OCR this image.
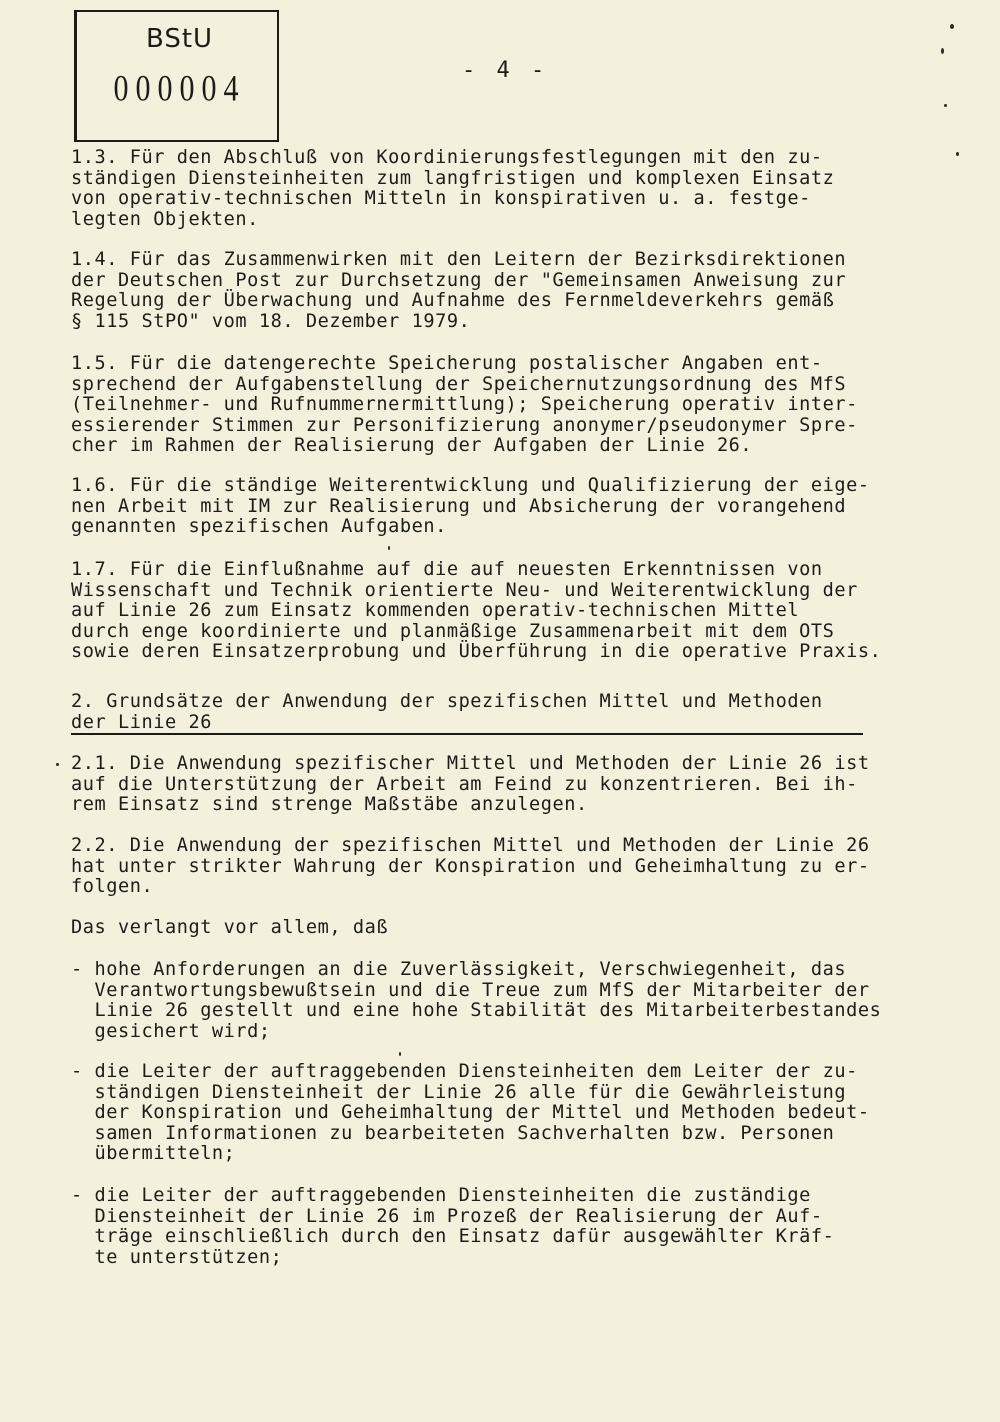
BStU
000004	- 4 -
1.3. Für den Abschluß von Koordinierungsfestlegungen mit den zu-
ständigen Diensteinheiten zum langfristigen und komplexen Einsatz
von operativ-technischen Mitteln in konspirativen u. a. festge-
legten Objekten.
1.4. Für das Zusammenwirken mit den Leitern der Bezirksdirektionen
der Deutschen Post zur Durchsetzung der "Gemeinsamen Anweisung zur
Regelung der Überwachung und Aufnahme des Fernmeldeverkehrs gemäß
§ 115 StPO" vom 18. Dezember 1979.
1.5. Für die datengerechte Speicherung postalischer Angaben ent-
sprechend der Aufgabenstellung der Speichernutzungsordnung des MfS
(Teilnehmer- und Rufnummernermittlung); Speicherung operativ inter-
essierender Stimmen zur Personifizierung anonymer/pseudonymer Spre-
cher im Rahmen der Realisierung der Aufgaben der Linie 26.
1.6. Für die ständige Weiterentwicklung und Qualifizierung der eige-
nen Arbeit mit IM zur Realisierung und Absicherung der vorangehend
genannten spezifischen Aufgaben.
1.7. Für die Einflußnahme auf die auf neuesten Erkenntnissen von
Wissenschaft und Technik orientierte Neu- und Weiterentwicklung der
auf Linie 26 zum Einsatz kommenden operativ-technischen Mittel
durch enge koordinierte und planmäßige Zusammenarbeit mit dem OTS
sowie deren Einsatzerprobung und Überführung in die operative Praxis.
2. Grundsätze der Anwendung der spezifischen Mittel und Methoden
der Linie 26
2.1. Die Anwendung spezifischer Mittel und Methoden der Linie 26 ist
auf die Unterstützung der Arbeit am Feind zu konzentrieren. Bei ih-
rem Einsatz sind strenge Maßstäbe anzulegen.
2.2. Die Anwendung der spezifischen Mittel und Methoden der Linie 26
hat unter strikter Wahrung der Konspiration und Geheimhaltung zu er-
folgen.
Das verlangt vor allem, daß
- hohe Anforderungen an die Zuverlässigkeit, Verschwiegenheit, das
Verantwortungsbewußtsein und die Treue zum MfS der Mitarbeiter der
Linie 26 gestellt und eine hohe Stabilität des Mitarbeiterbestandes
gesichert wird;
- die Leiter der auftraggebenden Diensteinheiten dem Leiter der zu-
ständigen Diensteinheit der Linie 26 alle für die Gewährleistung
der Konspiration und Geheimhaltung der Mittel und Methoden bedeut-
samen Informationen zu bearbeiteten Sachverhalten bzw. Personen
übermitteln;
- die Leiter der auftraggebenden Diensteinheiten die zuständige
Diensteinheit der Linie 26 im Prozeß der Realisierung der Auf-
träge einschließlich durch den Einsatz dafür ausgewählter Kräf-
te unterstützen;
